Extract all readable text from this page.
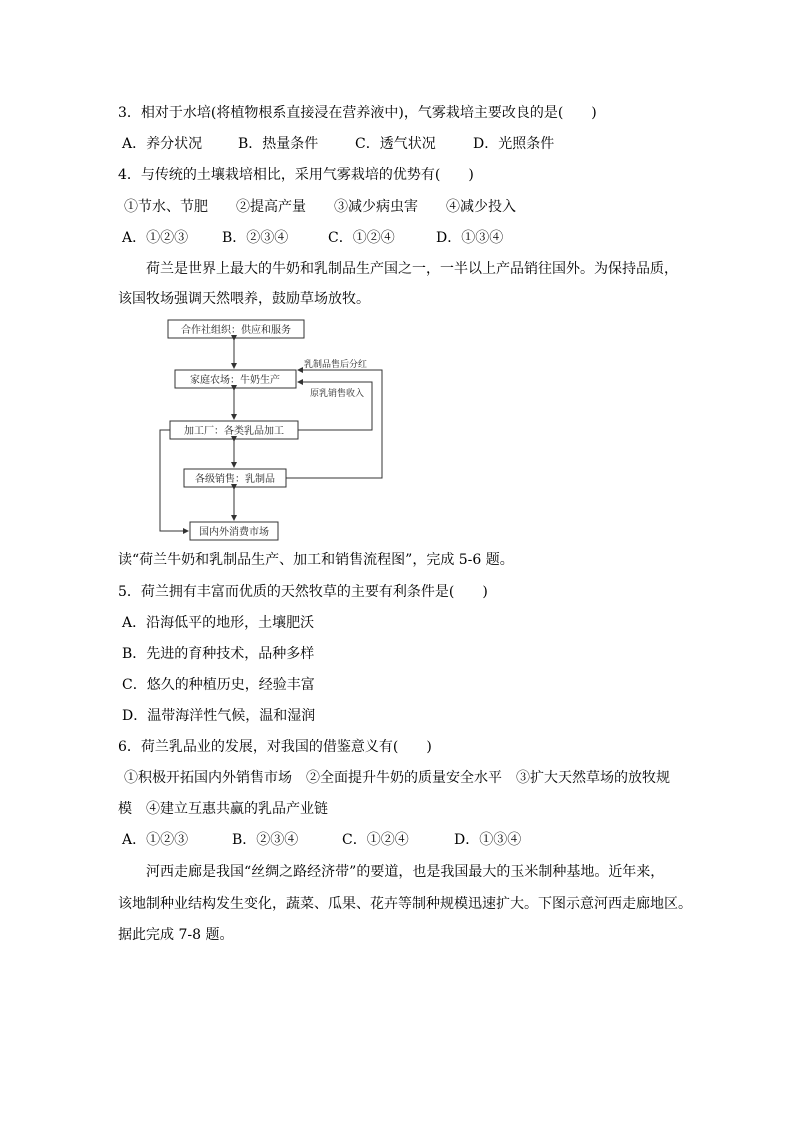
3．相对于水培(将植物根系直接浸在营养液中)，气雾栽培主要改良的是(　　)
A．养分状况	B．热量条件	C．透气状况	D．光照条件
4．与传统的土壤栽培相比，采用气雾栽培的优势有(　　)
①节水、节肥　　②提高产量　　③减少病虫害　　④减少投入
A．①②③ B．②③④	C．①②④	D．①③④
荷兰是世界上最大的牛奶和乳制品生产国之一，一半以上产品销往国外。为保持品质，
该国牧场强调天然喂养，鼓励草场放牧。
合作社组织：供应和服务
家庭农场：牛奶生产
加工厂：各类乳品加工
各级销售：乳制品
国内外消费市场
乳制品售后分红
原乳销售收入
读“荷兰牛奶和乳制品生产、加工和销售流程图”，完成 5-6 题。
5．荷兰拥有丰富而优质的天然牧草的主要有利条件是(　　)
A．沿海低平的地形，土壤肥沃
B．先进的育种技术，品种多样
C．悠久的种植历史，经验丰富
D．温带海洋性气候，温和湿润
6．荷兰乳品业的发展，对我国的借鉴意义有(　　)
①积极开拓国内外销售市场　②全面提升牛奶的质量安全水平　③扩大天然草场的放牧规
模　④建立互惠共赢的乳品产业链
A．①②③	B．②③④	C．①②④	D．①③④
河西走廊是我国“丝绸之路经济带”的要道，也是我国最大的玉米制种基地。近年来，
该地制种业结构发生变化，蔬菜、瓜果、花卉等制种规模迅速扩大。下图示意河西走廊地区。
据此完成 7-8 题。
